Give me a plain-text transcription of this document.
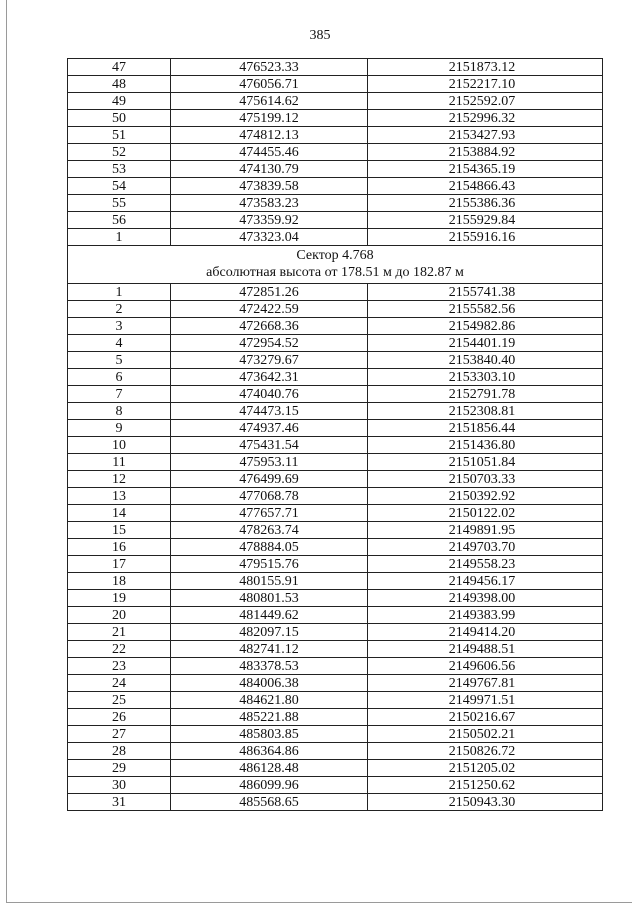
385
47	476523.33	2151873.12
48	476056.71	2152217.10
49	475614.62	2152592.07
50	475199.12	2152996.32
51	474812.13	2153427.93
52	474455.46	2153884.92
53	474130.79	2154365.19
54	473839.58	2154866.43
55	473583.23	2155386.36
56	473359.92	2155929.84
1	473323.04	2155916.16

Сектор 4.768
абсолютная высота от 178.51 м до 182.87 м		

1	472851.26	2155741.38
2	472422.59	2155582.56
3	472668.36	2154982.86
4	472954.52	2154401.19
5	473279.67	2153840.40
6	473642.31	2153303.10
7	474040.76	2152791.78
8	474473.15	2152308.81
9	474937.46	2151856.44
10	475431.54	2151436.80
11	475953.11	2151051.84
12	476499.69	2150703.33
13	477068.78	2150392.92
14	477657.71	2150122.02
15	478263.74	2149891.95
16	478884.05	2149703.70
17	479515.76	2149558.23
18	480155.91	2149456.17
19	480801.53	2149398.00
20	481449.62	2149383.99
21	482097.15	2149414.20
22	482741.12	2149488.51
23	483378.53	2149606.56
24	484006.38	2149767.81
25	484621.80	2149971.51
26	485221.88	2150216.67
27	485803.85	2150502.21
28	486364.86	2150826.72
29	486128.48	2151205.02
30	486099.96	2151250.62
31	485568.65	2150943.30
